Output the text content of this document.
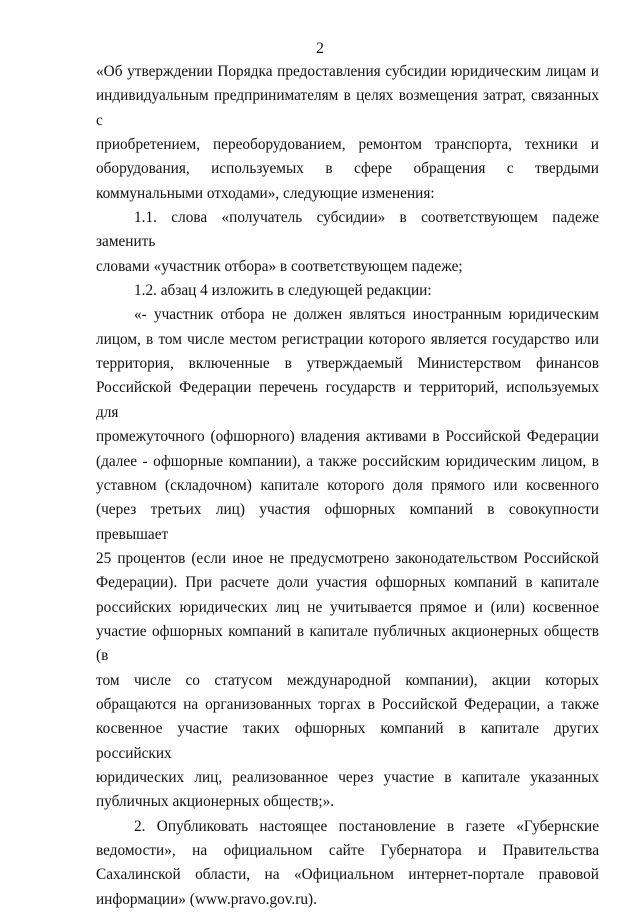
2
«Об утверждении Порядка предоставления субсидии юридическим лицам и
индивидуальным предпринимателям в целях возмещения затрат, связанных с
приобретением, переоборудованием, ремонтом транспорта, техники и
оборудования, используемых в сфере обращения с твердыми
коммунальными отходами», следующие изменения:
1.1. слова «получатель субсидии» в соответствующем падеже заменить
словами «участник отбора» в соответствующем падеже;
1.2. абзац 4 изложить в следующей редакции:
«- участник отбора не должен являться иностранным юридическим
лицом, в том числе местом регистрации которого является государство или
территория, включенные в утверждаемый Министерством финансов
Российской Федерации перечень государств и территорий, используемых для
промежуточного (офшорного) владения активами в Российской Федерации
(далее - офшорные компании), а также российским юридическим лицом, в
уставном (складочном) капитале которого доля прямого или косвенного
(через третьих лиц) участия офшорных компаний в совокупности превышает
25 процентов (если иное не предусмотрено законодательством Российской
Федерации). При расчете доли участия офшорных компаний в капитале
российских юридических лиц не учитывается прямое и (или) косвенное
участие офшорных компаний в капитале публичных акционерных обществ (в
том числе со статусом международной компании), акции которых
обращаются на организованных торгах в Российской Федерации, а также
косвенное участие таких офшорных компаний в капитале других российских
юридических лиц, реализованное через участие в капитале указанных
публичных акционерных обществ;».
2. Опубликовать настоящее постановление в газете «Губернские
ведомости», на официальном сайте Губернатора и Правительства
Сахалинской области, на «Официальном интернет-портале правовой
информации» (www.pravo.gov.ru).
